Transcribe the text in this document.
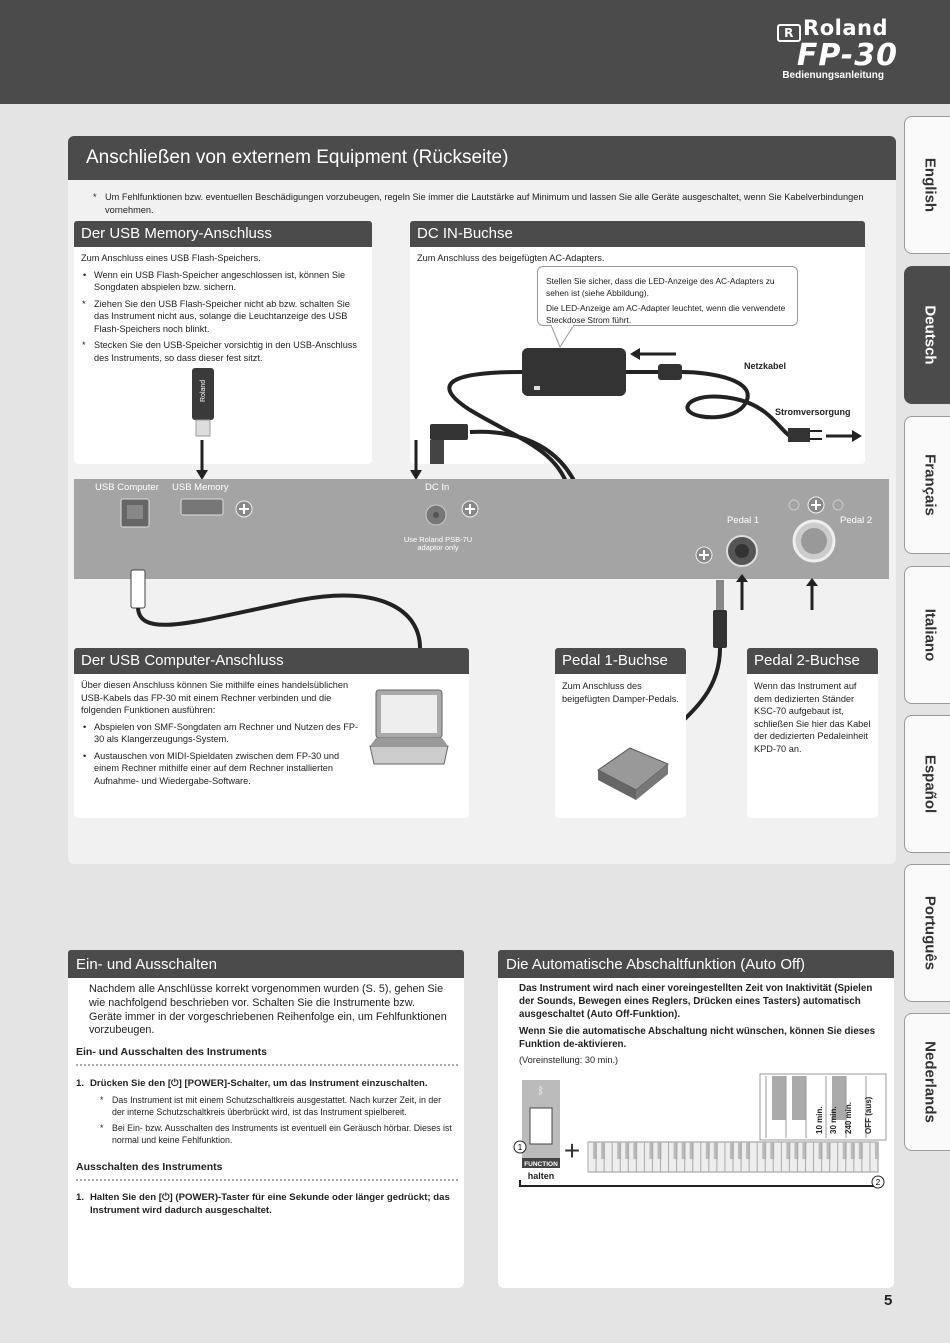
R Roland
FP-30
Bedienungsanleitung
English
Deutsch
Français
Italiano
Español
Português
Nederlands
Anschließen von externem Equipment (Rückseite)
* Um Fehlfunktionen bzw. eventuellen Beschädigungen vorzubeugen, regeln Sie immer die Lautstärke auf Minimum und lassen Sie alle Geräte ausgeschaltet, wenn Sie Kabelverbindungen vornehmen.
Der USB Memory-Anschluss

Zum Anschluss eines USB Flash-Speichers.

• Wenn ein USB Flash-Speicher angeschlossen ist, können Sie Songdaten abspielen bzw. sichern.
* Ziehen Sie den USB Flash-Speicher nicht ab bzw. schalten Sie das Instrument nicht aus, solange die Leuchtanzeige des USB Flash-Speichers noch blinkt.
* Stecken Sie den USB-Speicher vorsichtig in den USB-Anschluss des Instruments, so dass dieser fest sitzt.
Roland
DC IN-Buchse
Zum Anschluss des beigefügten AC-Adapters.

Stellen Sie sicher, dass die LED-Anzeige des AC-Adapters zu sehen ist (siehe Abbildung).

Die LED-Anzeige am AC-Adapter leuchtet, wenn die verwendete Steckdose Strom führt.

Netzkabel
Stromversorgung
USB Computer USB Memory	DC In
Use Roland PSB-7U
adaptor only
Pedal 1	Pedal 2
Der USB Computer-Anschluss

Über diesen Anschluss können Sie mithilfe eines handelsüblichen USB-Kabels das FP-30 mit einem Rechner verbinden und die folgenden Funktionen ausführen:

• Abspielen von SMF-Songdaten am Rechner und Nutzen des FP-30 als Klangerzeugungs-System.
• Austauschen von MIDI-Spieldaten zwischen dem FP-30 und einem Rechner mithilfe einer auf dem Rechner installierten Aufnahme- und Wiedergabe-Software.
Pedal 1-Buchse
Zum Anschluss des beigefügten Damper-Pedals.
Pedal 2-Buchse
Wenn das Instrument auf dem dedizierten Ständer KSC-70 aufgebaut ist, schließen Sie hier das Kabel der dedizierten Pedaleinheit KPD-70 an.
Ein- und Ausschalten
Nachdem alle Anschlüsse korrekt vorgenommen wurden (S. 5), gehen Sie wie nachfolgend beschrieben vor. Schalten Sie die Instrumente bzw. Geräte immer in der vorgeschriebenen Reihenfolge ein, um Fehlfunktionen vorzubeugen.
Ein- und Ausschalten des Instruments
1. Drücken Sie den [⏻] [POWER]-Schalter, um das Instrument einzuschalten.
* Das Instrument ist mit einem Schutzschaltkreis ausgestattet. Nach kurzer Zeit, in der der interne Schutzschaltkreis überbrückt wird, ist das Instrument spielbereit.
* Bei Ein- bzw. Ausschalten des Instruments ist eventuell ein Geräusch hörbar. Dieses ist normal und keine Fehlfunktion.
Ausschalten des Instruments
1. Halten Sie den [⏻] (POWER)-Taster für eine Sekunde oder länger gedrückt; das Instrument wird dadurch ausgeschaltet.
Die Automatische Abschaltfunktion (Auto Off)

Das Instrument wird nach einer voreingestellten Zeit von Inaktivität (Spielen der Sounds, Bewegen eines Reglers, Drücken eines Tasters) automatisch ausgeschaltet (Auto Off-Funktion).

Wenn Sie die automatische Abschaltung nicht wünschen, können Sie dieses Funktion de-aktivieren.

(Voreinstellung: 30 min.)
ᛒ
FUNCTION
halten
1 +
2
10 min. 30 min. 240 min. OFF (aus)
5
